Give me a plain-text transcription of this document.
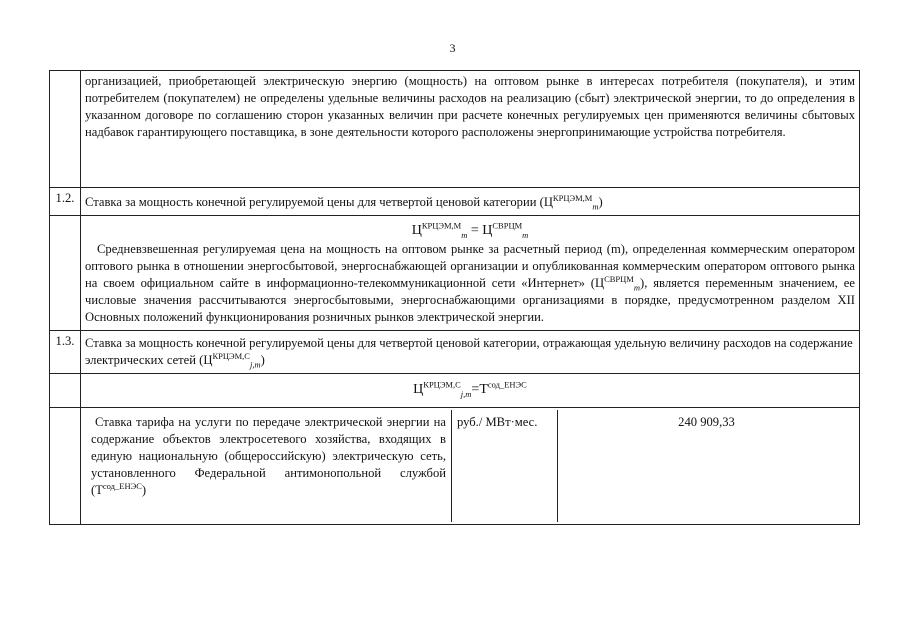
3
	организацией, приобретающей электрическую энергию (мощность) на оптовом рынке в интересах потребителя (покупателя), и этим потребителем (покупателем) не определены удельные величины расходов на реализацию (сбыт) электрической энергии, то до определения в указанном договоре по соглашению сторон указанных величин при расчете конечных регулируемых цен применяются величины сбытовых надбавок гарантирующего поставщика, в зоне деятельности которого расположены энергопринимающие устройства потребителя.
1.2.	Ставка за мощность конечной регулируемой цены для четвертой ценовой категории $(Ц^{КРЦЭМ,М}_m)$

$Ц^{КРЦЭМ,М}_m = Ц^{СВРЦМ}_m$
Средневзвешенная регулируемая цена на мощность на оптовом рынке за расчетный период (m), определенная коммерческим оператором оптового рынка в отношении энергосбытовой, энергоснабжающей организации и опубликованная коммерческим оператором оптового рынка на своем официальном сайте в информационно-телекоммуникационной сети «Интернет» $(Ц^{СВРЦМ}_m)$, является переменным значением, ее числовые значения рассчитываются энергосбытовыми, энергоснабжающими организациями в порядке, предусмотренном разделом XII Основных положений функционирования розничных рынков электрической энергии.

1.3.	Ставка за мощность конечной регулируемой цены для четвертой ценовой категории, отражающая удельную величину расходов на содержание электрических сетей $(Ц^{КРЦЭМ,С}_{j,m})$
	$Ц^{КРЦЭМ,С}_{j,m}=Т^{сод\_ЕНЭС}$

Ставка тарифа на услуги по передаче электрической энергии на содержание объектов электросетевого хозяйства, входящих в единую национальную (общероссийскую) электрическую сеть, установленного Федеральной антимонопольной службой $(Т^{сод\_ЕНЭС})$	руб./ МВт·мес.	240 909,33
